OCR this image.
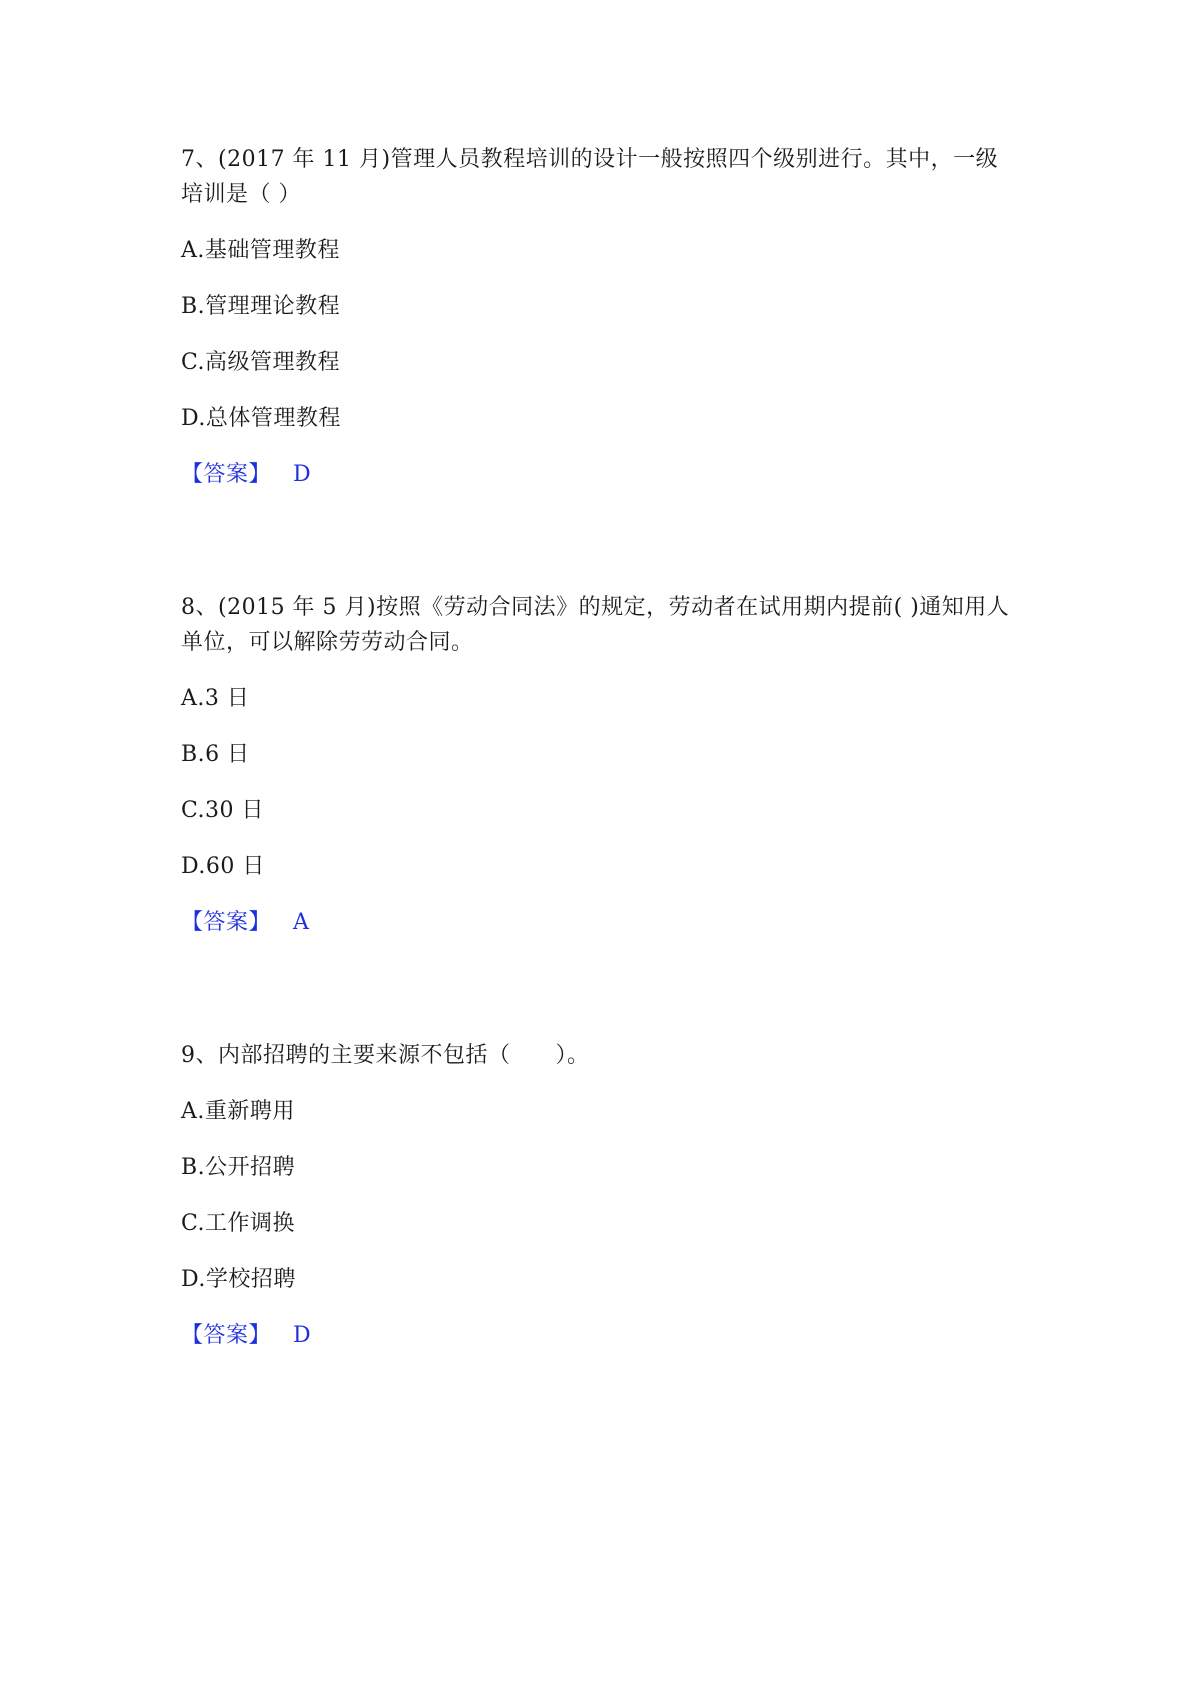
7、(2017 年 11 月)管理人员教程培训的设计一般按照四个级别进行。其中，一级培训是（ ）

A.基础管理教程

B.管理理论教程

C.高级管理教程

D.总体管理教程

【答案】 D

8、(2015 年 5 月)按照《劳动合同法》的规定，劳动者在试用期内提前( )通知用人单位，可以解除劳劳动合同。

A.3 日

B.6 日

C.30 日

D.60 日

【答案】 A

9、内部招聘的主要来源不包括（　　）。

A.重新聘用

B.公开招聘

C.工作调换

D.学校招聘

【答案】 D
